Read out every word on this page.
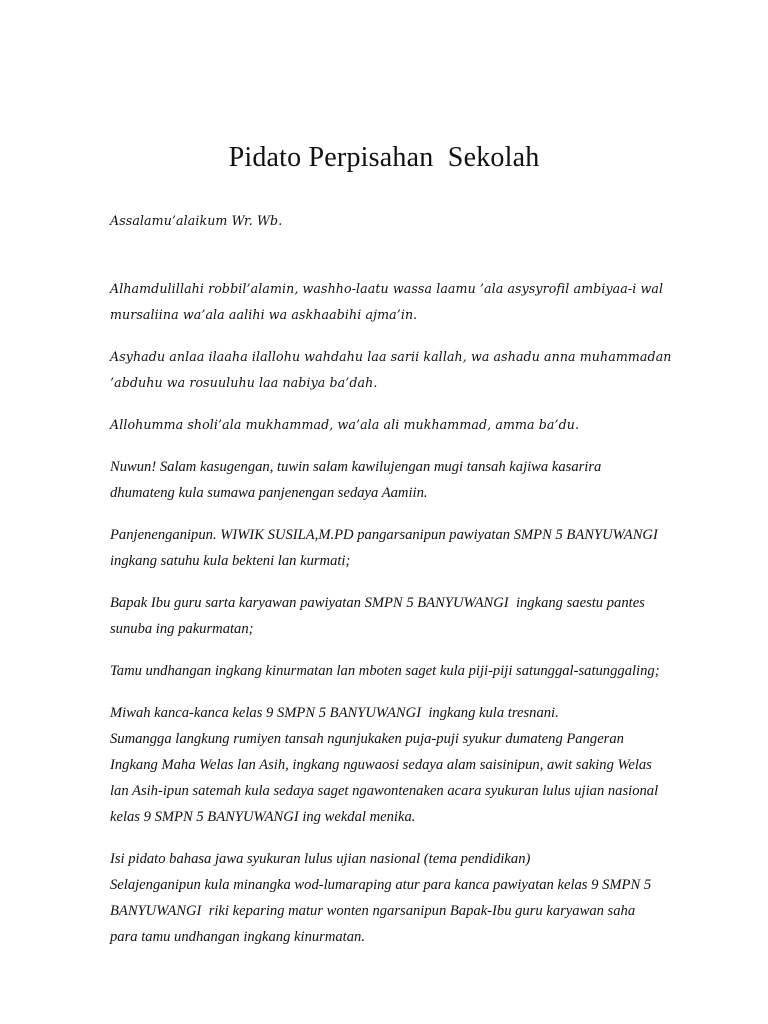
Pidato Perpisahan  Sekolah

Assalamu’alaikum Wr. Wb.

Alhamdulillahi robbil’alamin, washho-laatu wassa laamu ’ala asysyrofil ambiyaa-i wal
mursaliina wa’ala aalihi wa askhaabihi ajma’in.

Asyhadu anlaa ilaaha ilallohu wahdahu laa sarii kallah, wa ashadu anna muhammadan
’abduhu wa rosuuluhu laa nabiya ba’dah.

Allohumma sholi’ala mukhammad, wa’ala ali mukhammad, amma ba’du.

Nuwun! Salam kasugengan, tuwin salam kawilujengan mugi tansah kajiwa kasarira
dhumateng kula sumawa panjenengan sedaya Aamiin.

Panjenenganipun. WIWIK SUSILA,M.PD pangarsanipun pawiyatan SMPN 5 BANYUWANGI
ingkang satuhu kula bekteni lan kurmati;

Bapak Ibu guru sarta karyawan pawiyatan SMPN 5 BANYUWANGI  ingkang saestu pantes
sunuba ing pakurmatan;

Tamu undhangan ingkang kinurmatan lan mboten saget kula piji-piji satunggal-satunggaling;

Miwah kanca-kanca kelas 9 SMPN 5 BANYUWANGI  ingkang kula tresnani.
Sumangga langkung rumiyen tansah ngunjukaken puja-puji syukur dumateng Pangeran
Ingkang Maha Welas lan Asih, ingkang nguwaosi sedaya alam saisinipun, awit saking Welas
lan Asih-ipun satemah kula sedaya saget ngawontenaken acara syukuran lulus ujian nasional
kelas 9 SMPN 5 BANYUWANGI ing wekdal menika.

Isi pidato bahasa jawa syukuran lulus ujian nasional (tema pendidikan)
Selajenganipun kula minangka wod-lumaraping atur para kanca pawiyatan kelas 9 SMPN 5
BANYUWANGI  riki keparing matur wonten ngarsanipun Bapak-Ibu guru karyawan saha
para tamu undhangan ingkang kinurmatan.
